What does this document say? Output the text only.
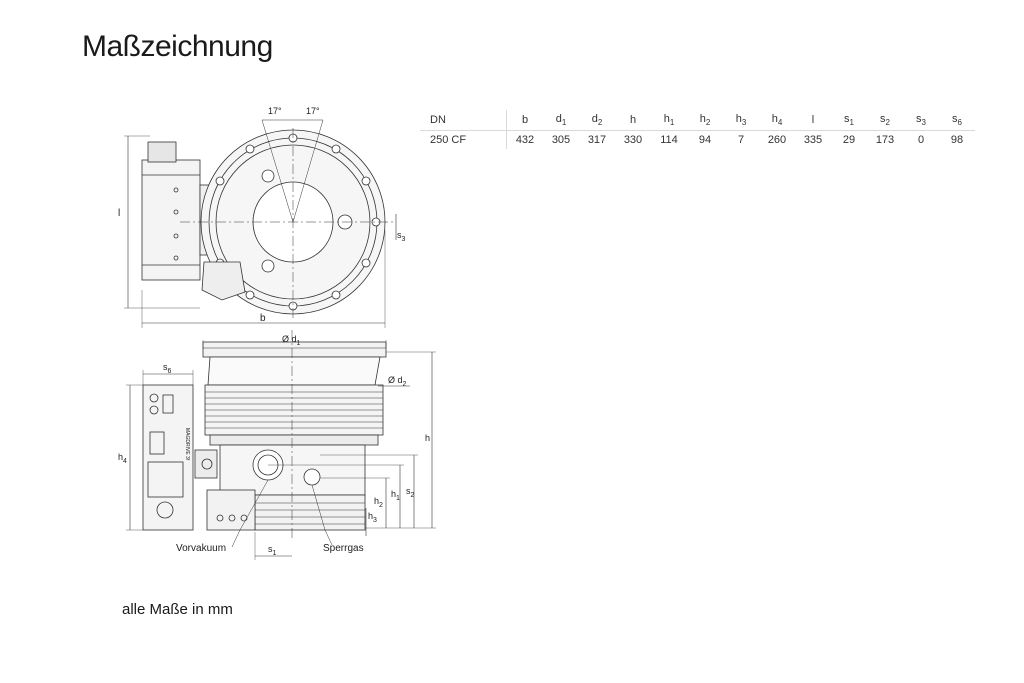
Maßzeichnung
17°	17°
l
b
$s_3$
Ø $d_1$
Ø $d_2$
h
$s_2$
$h_1$
$h_2$
$h_3$
$h_4$
$s_6$
$s_1$
Vorvakuum	Sperrgas
MAGDRIVE 3f
DN	b	$d_1$	$d_2$	h	$h_1$	$h_2$	$h_3$	$h_4$	l	$s_1$	$s_2$	$s_3$	$s_6$
250 CF	432	305	317	330	114	94	7	260	335	29	173	0	98
alle Maße in mm
